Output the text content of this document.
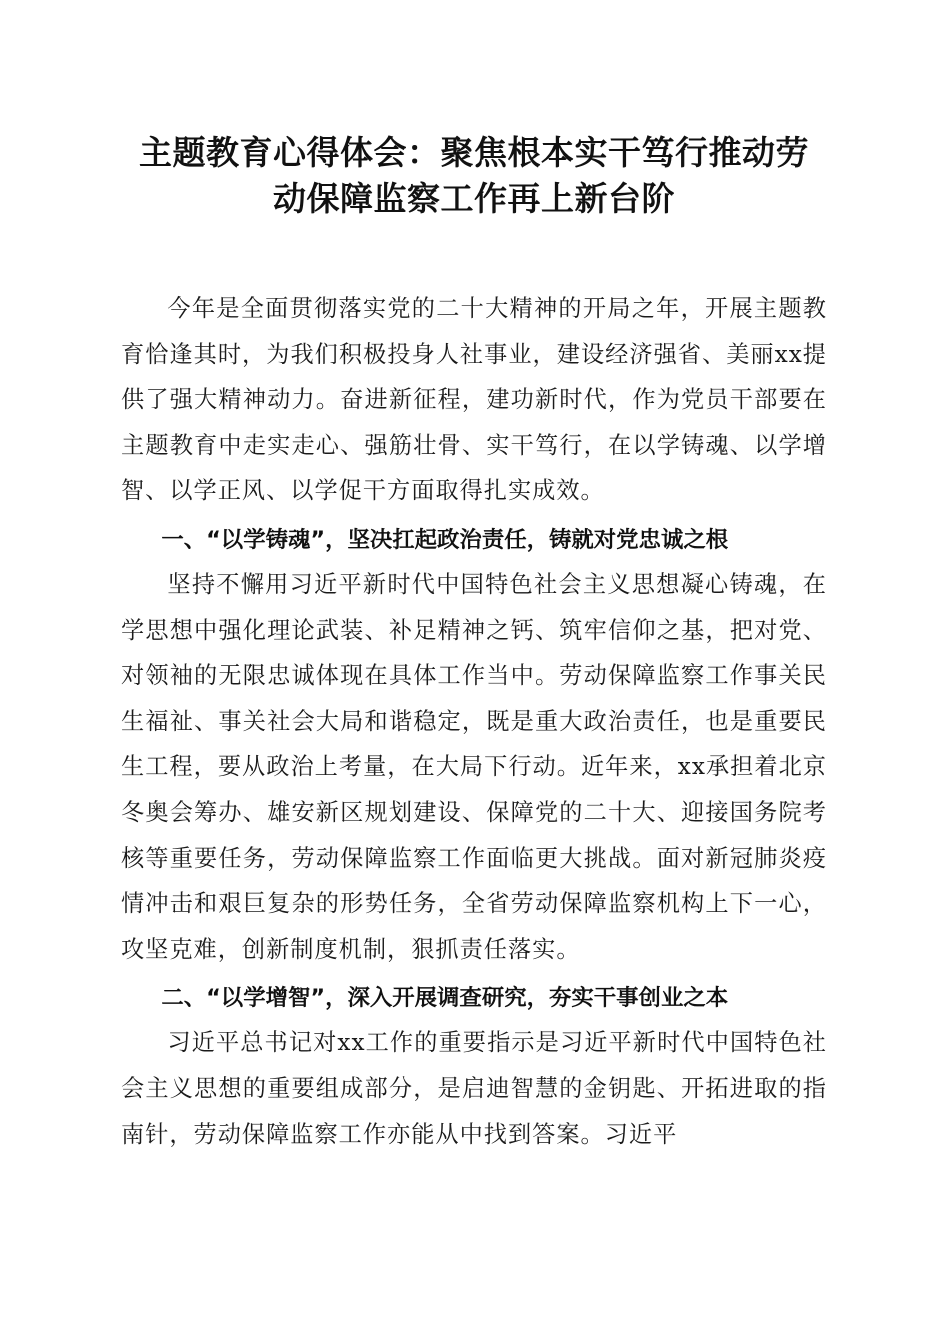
主题教育心得体会：聚焦根本实干笃行推动劳
动保障监察工作再上新台阶

今年是全面贯彻落实党的二十大精神的开局之年，开展主题教育恰逢其时，为我们积极投身人社事业，建设经济强省、美丽xx提供了强大精神动力。奋进新征程，建功新时代，作为党员干部要在主题教育中走实走心、强筋壮骨、实干笃行，在以学铸魂、以学增智、以学正风、以学促干方面取得扎实成效。

一、“以学铸魂”，坚决扛起政治责任，铸就对党忠诚之根

坚持不懈用习近平新时代中国特色社会主义思想凝心铸魂，在学思想中强化理论武装、补足精神之钙、筑牢信仰之基，把对党、对领袖的无限忠诚体现在具体工作当中。劳动保障监察工作事关民生福祉、事关社会大局和谐稳定，既是重大政治责任，也是重要民生工程，要从政治上考量，在大局下行动。近年来，xx承担着北京冬奥会筹办、雄安新区规划建设、保障党的二十大、迎接国务院考核等重要任务，劳动保障监察工作面临更大挑战。面对新冠肺炎疫情冲击和艰巨复杂的形势任务，全省劳动保障监察机构上下一心，攻坚克难，创新制度机制，狠抓责任落实。

二、“以学增智”，深入开展调查研究，夯实干事创业之本

习近平总书记对xx工作的重要指示是习近平新时代中国特色社会主义思想的重要组成部分，是启迪智慧的金钥匙、开拓进取的指南针，劳动保障监察工作亦能从中找到答案。习近平
